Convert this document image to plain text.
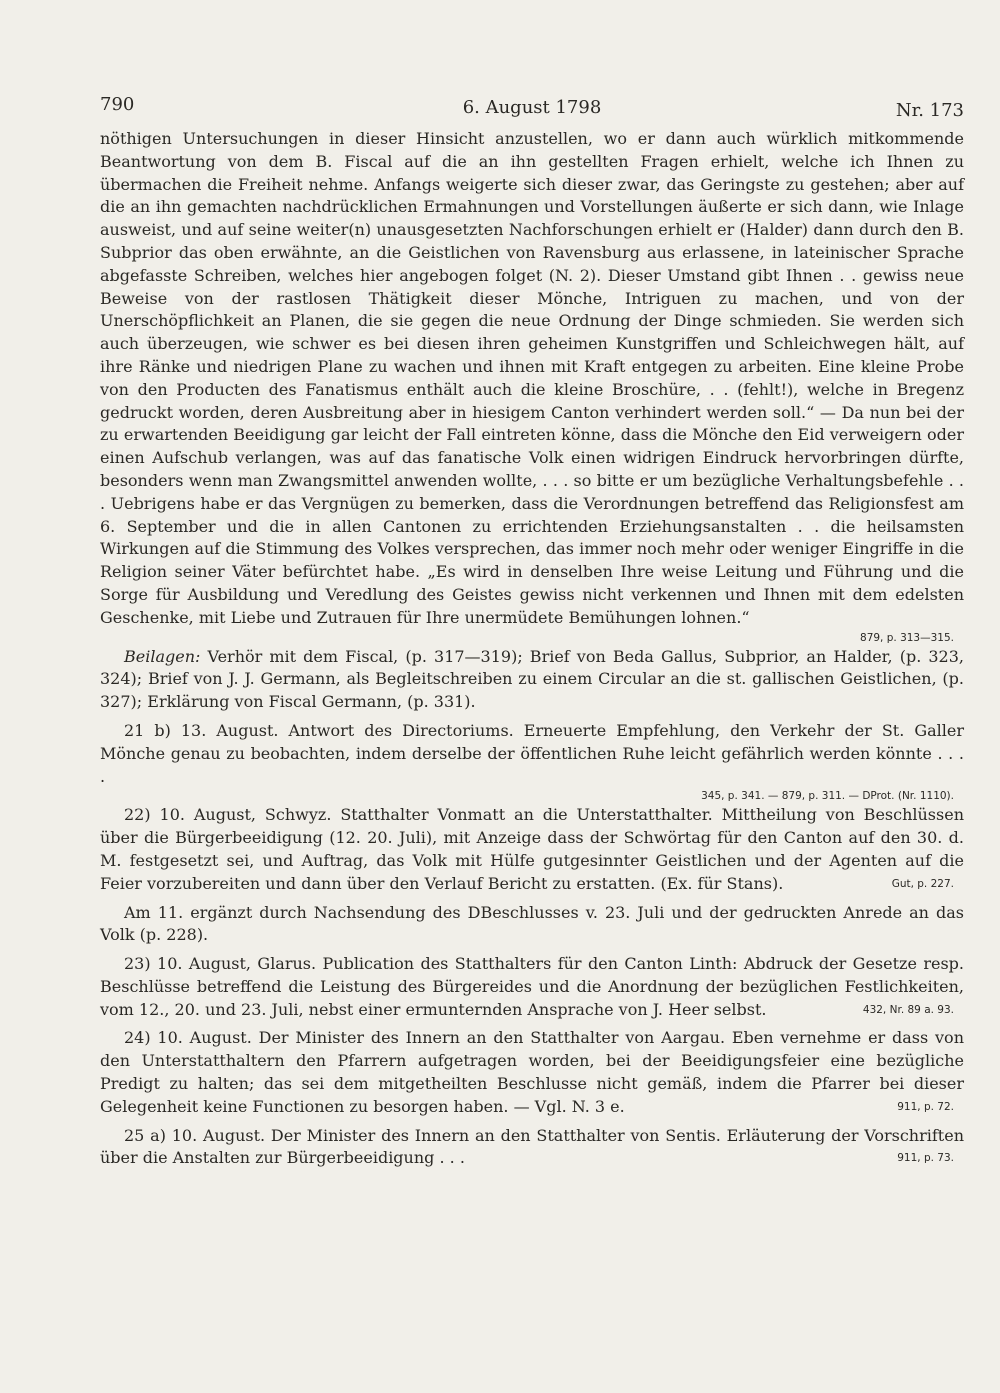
790	6. August 1798	Nr. 173

nöthigen Untersuchungen in dieser Hinsicht anzustellen, wo er dann auch würklich mitkommende Beantwortung von dem B. Fiscal auf die an ihn gestellten Fragen erhielt, welche ich Ihnen zu übermachen die Freiheit nehme. Anfangs weigerte sich dieser zwar, das Geringste zu gestehen; aber auf die an ihn gemachten nachdrücklichen Ermahnungen und Vorstellungen äußerte er sich dann, wie Inlage ausweist, und auf seine weiter(n) unausgesetzten Nachforschungen erhielt er (Halder) dann durch den B. Subprior das oben erwähnte, an die Geistlichen von Ravensburg aus erlassene, in lateinischer Sprache abgefasste Schreiben, welches hier angebogen folget (N. 2). Dieser Umstand gibt Ihnen . . gewiss neue Beweise von der rastlosen Thätigkeit dieser Mönche, Intriguen zu machen, und von der Unerschöpflichkeit an Planen, die sie gegen die neue Ordnung der Dinge schmieden. Sie werden sich auch überzeugen, wie schwer es bei diesen ihren geheimen Kunstgriffen und Schleichwegen hält, auf ihre Ränke und niedrigen Plane zu wachen und ihnen mit Kraft entgegen zu arbeiten. Eine kleine Probe von den Producten des Fanatismus enthält auch die kleine Broschüre, . . (fehlt!), welche in Bregenz gedruckt worden, deren Ausbreitung aber in hiesigem Canton verhindert werden soll.“ — Da nun bei der zu erwartenden Beeidigung gar leicht der Fall eintreten könne, dass die Mönche den Eid verweigern oder einen Aufschub verlangen, was auf das fanatische Volk einen widrigen Eindruck hervorbringen dürfte, besonders wenn man Zwangsmittel anwenden wollte, . . . so bitte er um bezügliche Verhaltungsbefehle . . . Uebrigens habe er das Vergnügen zu bemerken, dass die Verordnungen betreffend das Religionsfest am 6. September und die in allen Cantonen zu errichtenden Erziehungsanstalten . . die heilsamsten Wirkungen auf die Stimmung des Volkes versprechen, das immer noch mehr oder weniger Eingriffe in die Religion seiner Väter befürchtet habe. „Es wird in denselben Ihre weise Leitung und Führung und die Sorge für Ausbildung und Veredlung des Geistes gewiss nicht verkennen und Ihnen mit dem edelsten Geschenke, mit Liebe und Zutrauen für Ihre unermüdete Bemühungen lohnen.“

879, p. 313—315.

Beilagen: Verhör mit dem Fiscal, (p. 317—319); Brief von Beda Gallus, Subprior, an Halder, (p. 323, 324); Brief von J. J. Germann, als Begleitschreiben zu einem Circular an die st. gallischen Geistlichen, (p. 327); Erklärung von Fiscal Germann, (p. 331).

21 b) 13. August. Antwort des Directoriums. Erneuerte Empfehlung, den Verkehr der St. Galler Mönche genau zu beobachten, indem derselbe der öffentlichen Ruhe leicht gefährlich werden könnte . . . .

345, p. 341. — 879, p. 311. — DProt. (Nr. 1110).

22) 10. August, Schwyz. Statthalter Vonmatt an die Unterstatthalter. Mittheilung von Beschlüssen über die Bürgerbeeidigung (12. 20. Juli), mit Anzeige dass der Schwörtag für den Canton auf den 30. d. M. festgesetzt sei, und Auftrag, das Volk mit Hülfe gutgesinnter Geistlichen und der Agenten auf die Feier vorzubereiten und dann über den Verlauf Bericht zu erstatten. (Ex. für Stans).	Gut, p. 227.

Am 11. ergänzt durch Nachsendung des DBeschlusses v. 23. Juli und der gedruckten Anrede an das Volk (p. 228).

23) 10. August, Glarus. Publication des Statthalters für den Canton Linth: Abdruck der Gesetze resp. Beschlüsse betreffend die Leistung des Bürgereides und die Anordnung der bezüglichen Festlichkeiten, vom 12., 20. und 23. Juli, nebst einer ermunternden Ansprache von J. Heer selbst.	432, Nr. 89 a. 93.

24) 10. August. Der Minister des Innern an den Statthalter von Aargau. Eben vernehme er dass von den Unterstatthaltern den Pfarrern aufgetragen worden, bei der Beeidigungsfeier eine bezügliche Predigt zu halten; das sei dem mitgetheilten Beschlusse nicht gemäß, indem die Pfarrer bei dieser Gelegenheit keine Functionen zu besorgen haben. — Vgl. N. 3 e.	911, p. 72.

25 a) 10. August. Der Minister des Innern an den Statthalter von Sentis. Erläuterung der Vorschriften über die Anstalten zur Bürgerbeeidigung . . .	911, p. 73.
